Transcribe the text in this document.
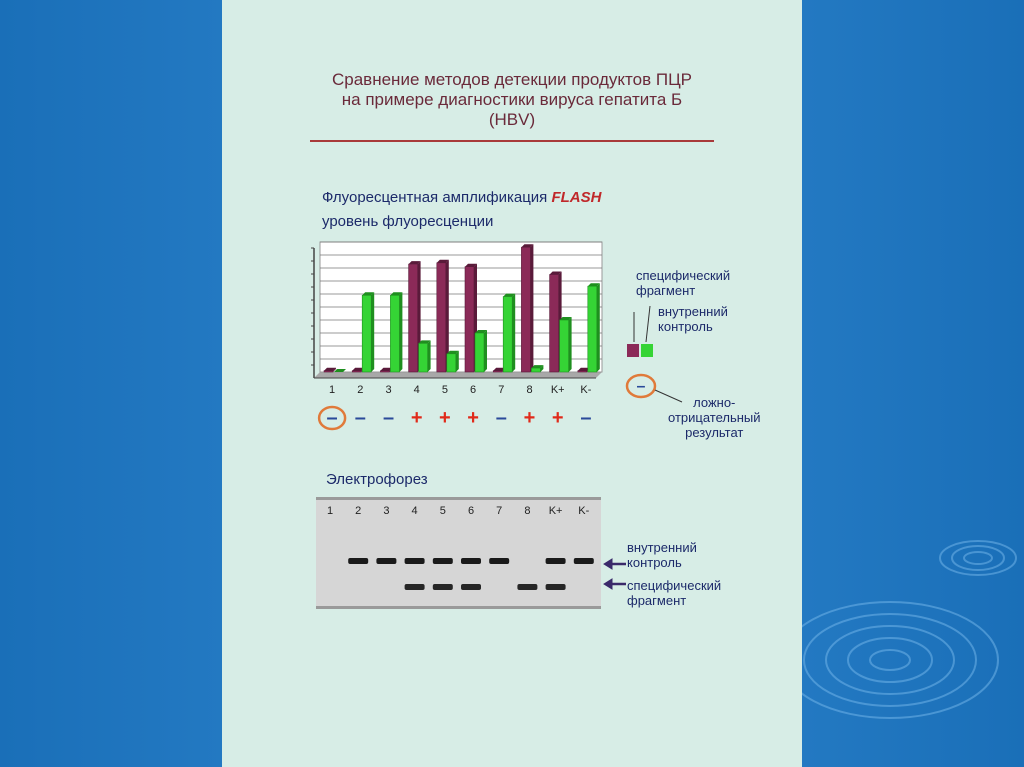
Сравнение методов детекции продуктов ПЦР
на примере диагностики вируса гепатита Б
(HBV)
Флуоресцентная амплификация FLASH
уровень флуоресценции
1
–
2
–
3
–
4
+
5
+
6
+
7
–
8
+
K+
+
K-
–
специфический
фрагмент
внутренний
контроль
–
ложно-
отрицательный
результат
Электрофорез
1 2 3 4 5 6 7 8 K+ K-
внутренний
контроль
специфический
фрагмент
